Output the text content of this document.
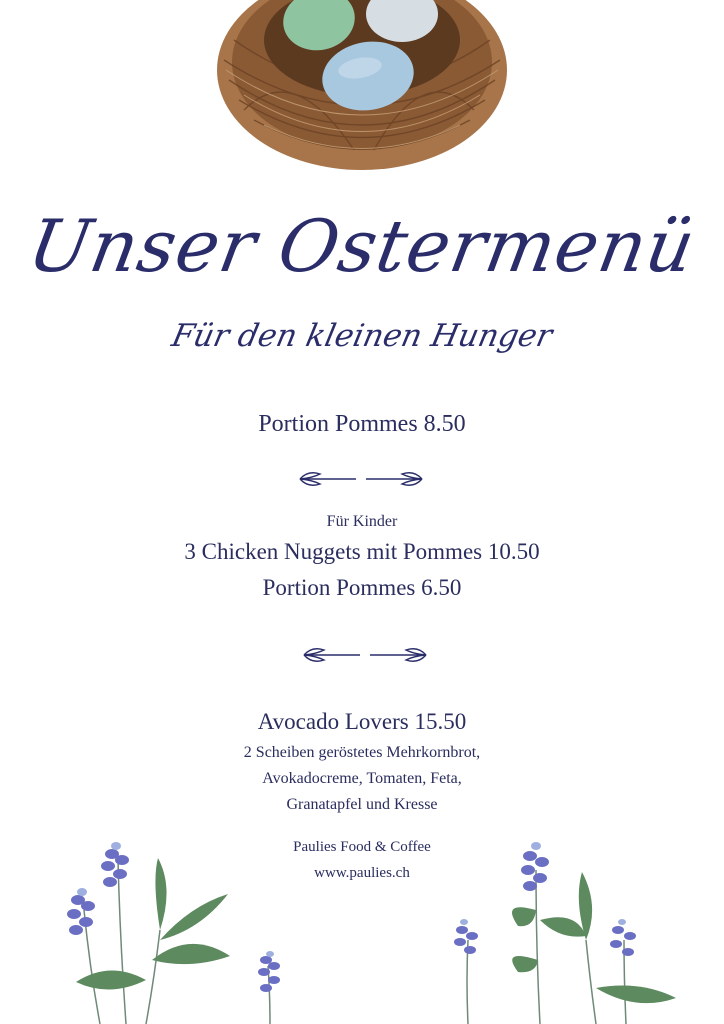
Unser Ostermenü
Für den kleinen Hunger
Portion Pommes 8.50
Für Kinder
3 Chicken Nuggets mit Pommes 10.50
Portion Pommes 6.50
Avocado Lovers 15.50
2 Scheiben geröstetes Mehrkornbrot,
Avokadocreme, Tomaten, Feta,
Granatapfel und Kresse
Paulies Food & Coffee
www.paulies.ch
